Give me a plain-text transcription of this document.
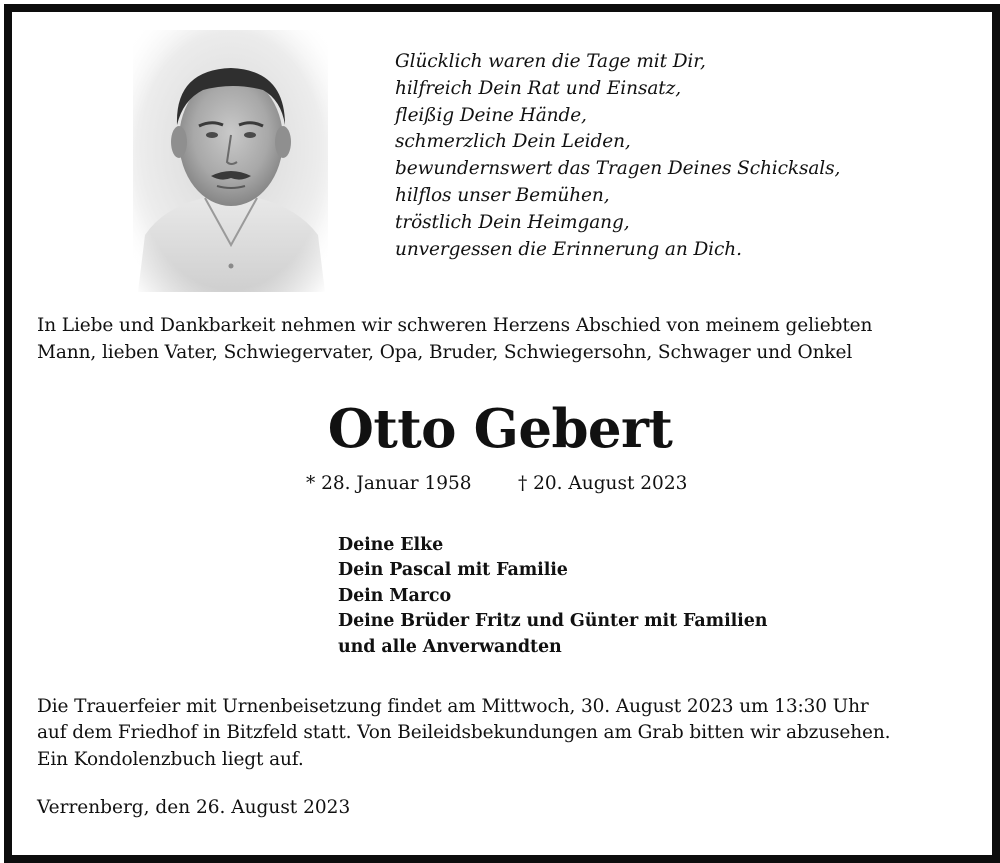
Glücklich waren die Tage mit Dir,
hilfreich Dein Rat und Einsatz,
fleißig Deine Hände,
schmerzlich Dein Leiden,
bewundernswert das Tragen Deines Schicksals,
hilflos unser Bemühen,
tröstlich Dein Heimgang,
unvergessen die Erinnerung an Dich.
In Liebe und Dankbarkeit nehmen wir schweren Herzens Abschied von meinem geliebten
Mann, lieben Vater, Schwiegervater, Opa, Bruder, Schwiegersohn, Schwager und Onkel
Otto Gebert
* 28. Januar 1958	† 20. August 2023
Deine Elke
Dein Pascal mit Familie
Dein Marco
Deine Brüder Fritz und Günter mit Familien
und alle Anverwandten
Die Trauerfeier mit Urnenbeisetzung findet am Mittwoch, 30. August 2023 um 13:30 Uhr
auf dem Friedhof in Bitzfeld statt. Von Beileidsbekundungen am Grab bitten wir abzusehen.
Ein Kondolenzbuch liegt auf.
Verrenberg, den 26. August 2023
